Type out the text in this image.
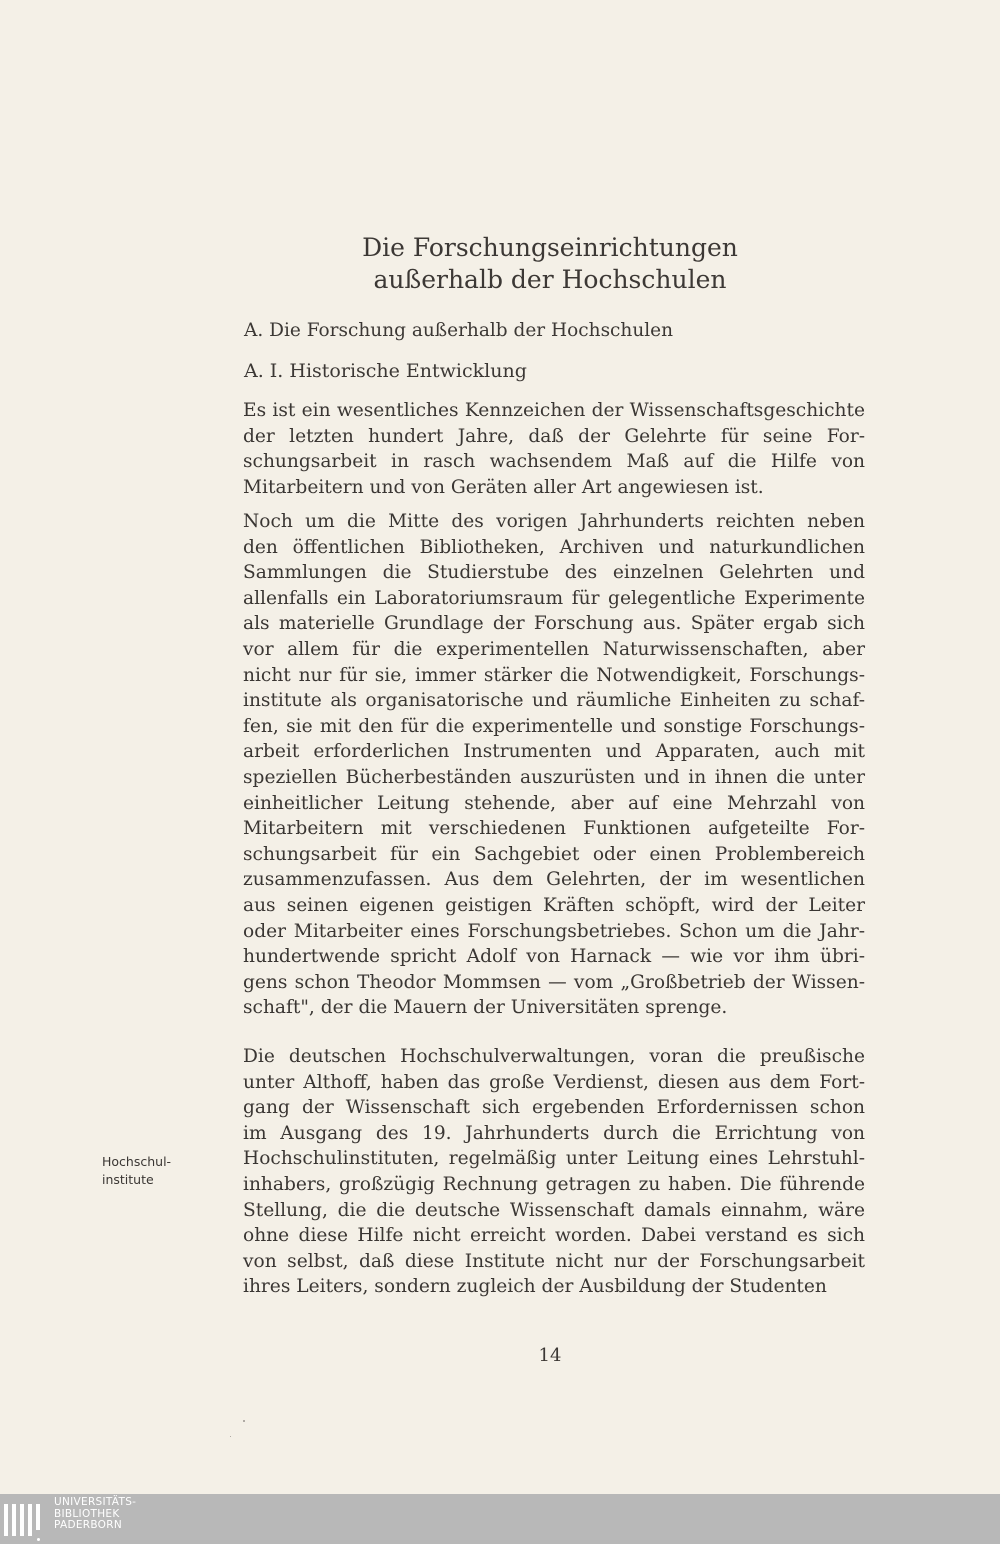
Die Forschungseinrichtungen
außerhalb der Hochschulen
A. Die Forschung außerhalb der Hochschulen
A. I. Historische Entwicklung
Es ist ein wesentliches Kennzeichen der Wissenschaftsgeschichte
der letzten hundert Jahre, daß der Gelehrte für seine For-
schungsarbeit in rasch wachsendem Maß auf die Hilfe von
Mitarbeitern und von Geräten aller Art angewiesen ist.
Noch um die Mitte des vorigen Jahrhunderts reichten neben
den öffentlichen Bibliotheken, Archiven und naturkundlichen
Sammlungen die Studierstube des einzelnen Gelehrten und
allenfalls ein Laboratoriumsraum für gelegentliche Experimente
als materielle Grundlage der Forschung aus. Später ergab sich
vor allem für die experimentellen Naturwissenschaften, aber
nicht nur für sie, immer stärker die Notwendigkeit, Forschungs-
institute als organisatorische und räumliche Einheiten zu schaf-
fen, sie mit den für die experimentelle und sonstige Forschungs-
arbeit erforderlichen Instrumenten und Apparaten, auch mit
speziellen Bücherbeständen auszurüsten und in ihnen die unter
einheitlicher Leitung stehende, aber auf eine Mehrzahl von
Mitarbeitern mit verschiedenen Funktionen aufgeteilte For-
schungsarbeit für ein Sachgebiet oder einen Problembereich
zusammenzufassen. Aus dem Gelehrten, der im wesentlichen
aus seinen eigenen geistigen Kräften schöpft, wird der Leiter
oder Mitarbeiter eines Forschungsbetriebes. Schon um die Jahr-
hundertwende spricht Adolf von Harnack — wie vor ihm übri-
gens schon Theodor Mommsen — vom „Großbetrieb der Wissen-
schaft", der die Mauern der Universitäten sprenge.
Die deutschen Hochschulverwaltungen, voran die preußische
unter Althoff, haben das große Verdienst, diesen aus dem Fort-
gang der Wissenschaft sich ergebenden Erfordernissen schon
im Ausgang des 19. Jahrhunderts durch die Errichtung von
Hochschulinstituten, regelmäßig unter Leitung eines Lehrstuhl-
inhabers, großzügig Rechnung getragen zu haben. Die führende
Stellung, die die deutsche Wissenschaft damals einnahm, wäre
ohne diese Hilfe nicht erreicht worden. Dabei verstand es sich
von selbst, daß diese Institute nicht nur der Forschungsarbeit
ihres Leiters, sondern zugleich der Ausbildung der Studenten
Hochschul-
institute
14
UNIVERSITÄTS-
BIBLIOTHEK
PADERBORN
